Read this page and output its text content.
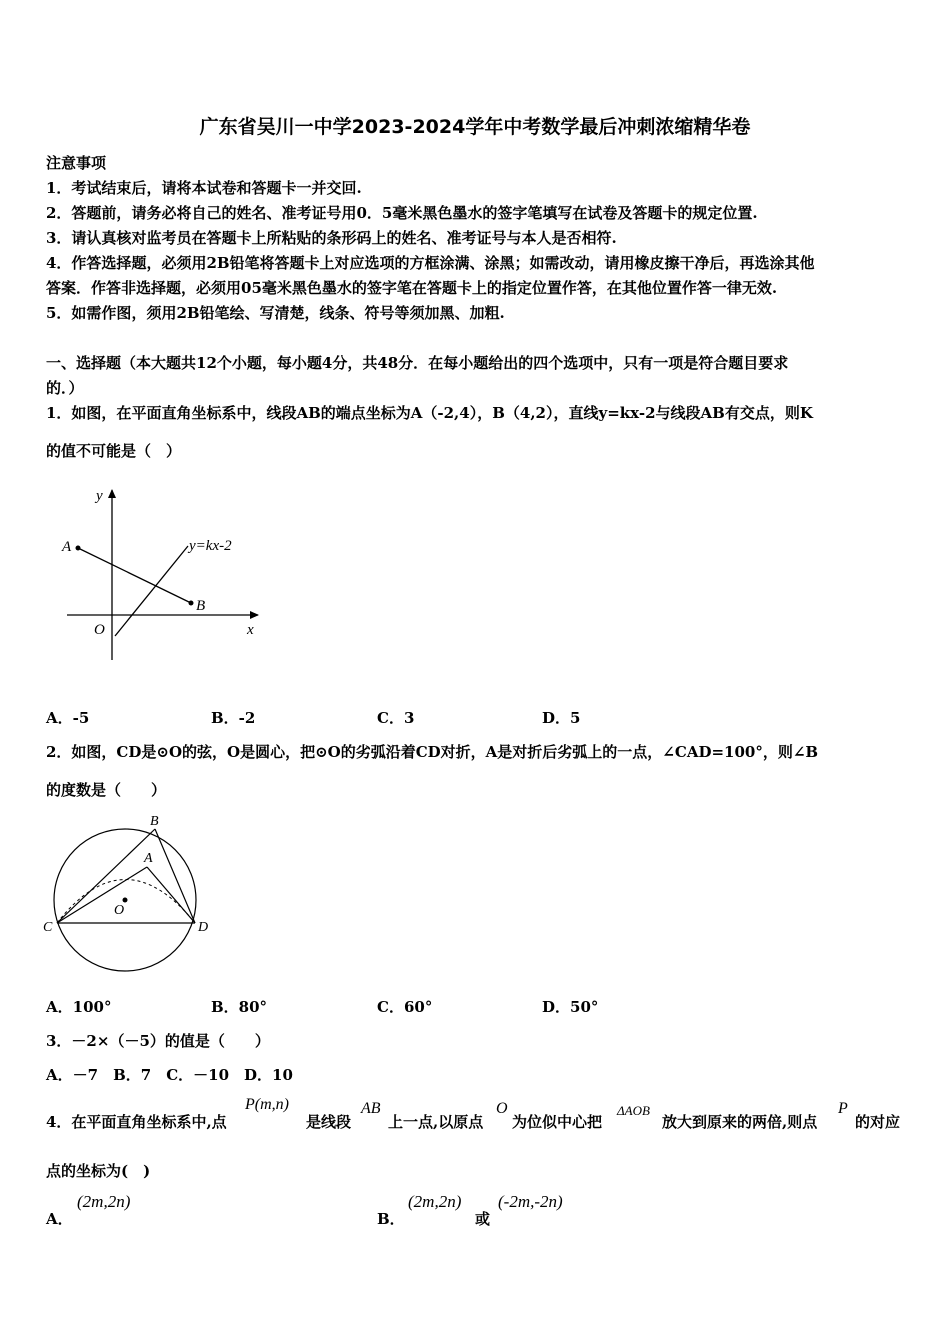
广东省吴川一中学2023-2024学年中考数学最后冲刺浓缩精华卷
注意事项
1．考试结束后，请将本试卷和答题卡一并交回.
2．答题前，请务必将自己的姓名、准考证号用0．5毫米黑色墨水的签字笔填写在试卷及答题卡的规定位置.
3．请认真核对监考员在答题卡上所粘贴的条形码上的姓名、准考证号与本人是否相符.
4．作答选择题，必须用2B铅笔将答题卡上对应选项的方框涂满、涂黑；如需改动，请用橡皮擦干净后，再选涂其他
答案．作答非选择题，必须用05毫米黑色墨水的签字笔在答题卡上的指定位置作答，在其他位置作答一律无效.
5．如需作图，须用2B铅笔绘、写清楚，线条、符号等须加黑、加粗.
一、选择题（本大题共12个小题，每小题4分，共48分．在每小题给出的四个选项中，只有一项是符合题目要求
的．）
1．如图，在平面直角坐标系中，线段AB的端点坐标为A（-2,4），B（4,2），直线y=kx-2与线段AB有交点，则K
的值不可能是（　）
y
x
O
A
B
y=kx-2
A．-5	B．-2	C．3	D．5
2．如图，CD是⊙O的弦，O是圆心，把⊙O的劣弧沿着CD对折，A是对折后劣弧上的一点，∠CAD=100°，则∠B
的度数是（　　）
B
A
O
C	D
A．100°	B．80°	C．60°	D．50°
3．－2×（－5）的值是（　　）
A．－7　B．7　C．－10　D．10
4．在平面直角坐标系中,点
P(m,n)
是线段
AB
上一点,以原点
O
为位似中心把
ΔAOB
放大到原来的两倍,则点
P
的对应
点的坐标为(　)
A．
(2m,2n)
B．
(2m,2n)
或
(-2m,-2n)
